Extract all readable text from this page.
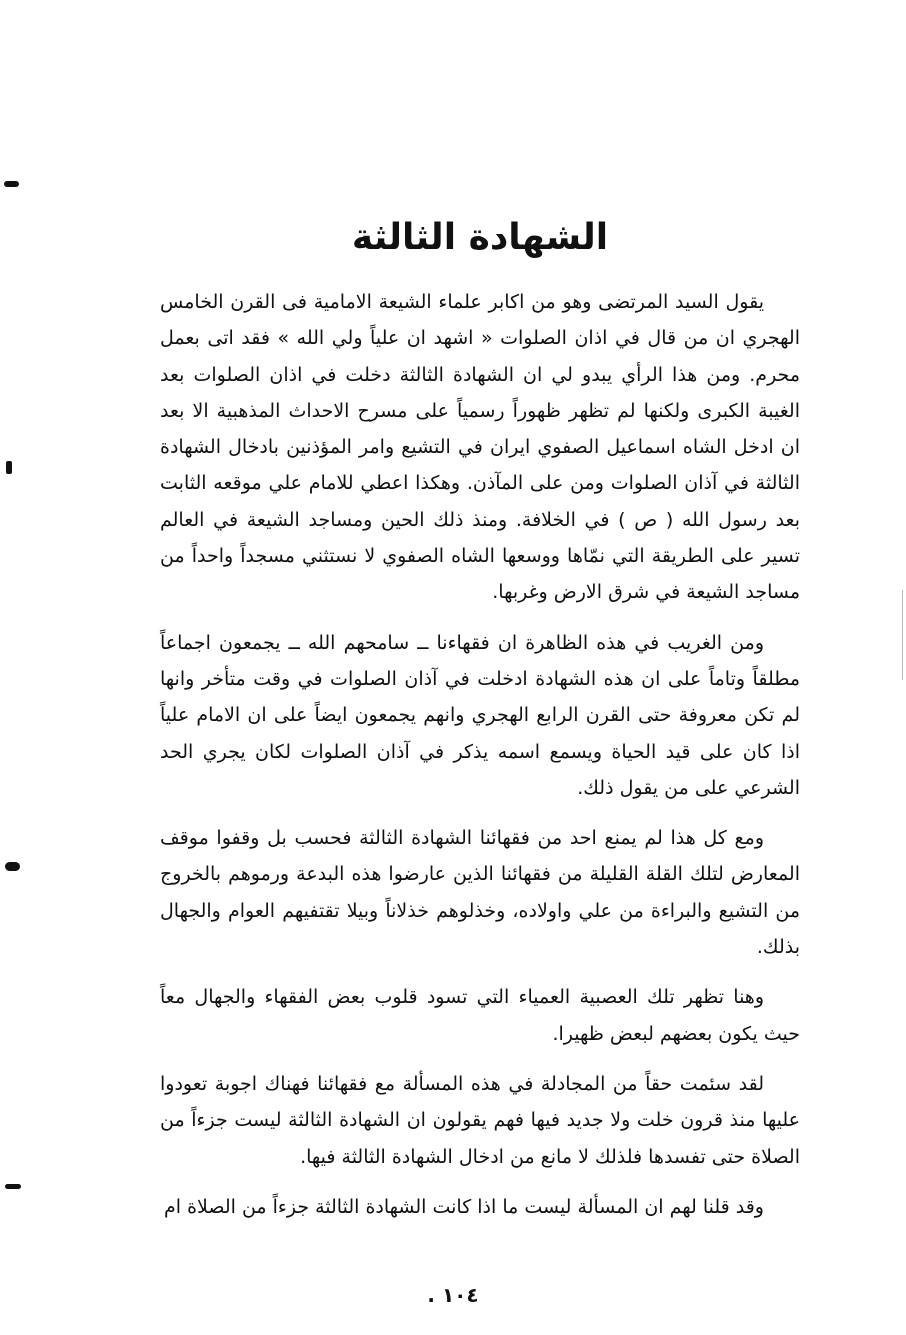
الشهادة الثالثة

يقول السيد المرتضى وهو من اكابر علماء الشيعة الامامية فى القرن الخامس الهجري ان من قال في اذان الصلوات « اشهد ان علياً ولي الله » فقد اتى بعمل محرم. ومن هذا الرأي يبدو لي ان الشهادة الثالثة دخلت في اذان الصلوات بعد الغيبة الكبرى ولكنها لم تظهر ظهوراً رسمياً على مسرح الاحداث المذهبية الا بعد ان ادخل الشاه اسماعيل الصفوي ايران في التشيع وامر المؤذنين بادخال الشهادة الثالثة في آذان الصلوات ومن على المآذن. وهكذا اعطي للامام علي موقعه الثابت بعد رسول الله ( ص ) في الخلافة. ومنذ ذلك الحين ومساجد الشيعة في العالم تسير على الطريقة التي نمّاها ووسعها الشاه الصفوي لا نستثني مسجداً واحداً من مساجد الشيعة في شرق الارض وغربها.

ومن الغريب في هذه الظاهرة ان فقهاءنا ــ سامحهم الله ــ يجمعون اجماعاً مطلقاً وتاماً على ان هذه الشهادة ادخلت في آذان الصلوات في وقت متأخر وانها لم تكن معروفة حتى القرن الرابع الهجري وانهم يجمعون ايضاً على ان الامام علياً اذا كان على قيد الحياة ويسمع اسمه يذكر في آذان الصلوات لكان يجري الحد الشرعي على من يقول ذلك.

ومع كل هذا لم يمنع احد من فقهائنا الشهادة الثالثة فحسب بل وقفوا موقف المعارض لتلك القلة القليلة من فقهائنا الذين عارضوا هذه البدعة ورموهم بالخروج من التشيع والبراءة من علي واولاده، وخذلوهم خذلاناً وبيلا تقتفيهم العوام والجهال بذلك.

وهنا تظهر تلك العصبية العمياء التي تسود قلوب بعض الفقهاء والجهال معاً حيث يكون بعضهم لبعض ظهيرا.

لقد سئمت حقاً من المجادلة في هذه المسألة مع فقهائنا فهناك اجوبة تعودوا عليها منذ قرون خلت ولا جديد فيها فهم يقولون ان الشهادة الثالثة ليست جزءاً من الصلاة حتى تفسدها فلذلك لا مانع من ادخال الشهادة الثالثة فيها.

وقد قلنا لهم ان المسألة ليست ما اذا كانت الشهادة الثالثة جزءاً من الصلاة ام

. ١٠٤
